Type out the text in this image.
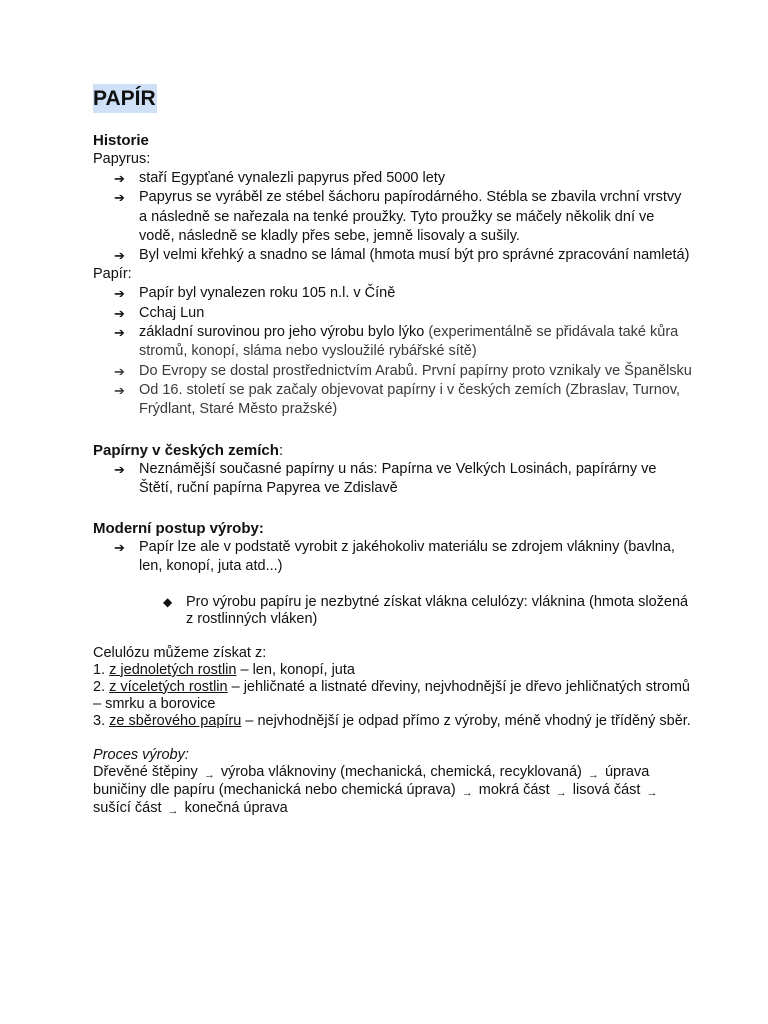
PAPÍR
Historie

Papyrus:

➔ staří Egypťané vynalezli papyrus před 5000 lety
➔ Papyrus se vyráběl ze stébel šáchoru papírodárného. Stébla se zbavila vrchní vrstvy a následně se nařezala na tenké proužky. Tyto proužky se máčely několik dní ve vodě, následně se kladly přes sebe, jemně lisovaly a sušily.
➔ Byl velmi křehký a snadno se lámal (hmota musí být pro správné zpracování namletá)

Papír:

➔ Papír byl vynalezen roku 105 n.l. v Číně
➔ Cchaj Lun
➔ základní surovinou pro jeho výrobu bylo lýko (experimentálně se přidávala také kůra stromů, konopí, sláma nebo vysloužilé rybářské sítě)
➔ Do Evropy se dostal prostřednictvím Arabů. První papírny proto vznikaly ve Španělsku
➔ Od 16. století se pak začaly objevovat papírny i v českých zemích (Zbraslav, Turnov, Frýdlant, Staré Město pražské)
Papírny v českých zemích:
➔ Neznámější současné papírny u nás: Papírna ve Velkých Losinách, papírárny ve Štětí, ruční papírna Papyrea ve Zdislavě
Moderní postup výroby:
➔ Papír lze ale v podstatě vyrobit z jakéhokoliv materiálu se zdrojem vlákniny (bavlna, len, konopí, juta atd...)
◆ Pro výrobu papíru je nezbytné získat vlákna celulózy: vláknina (hmota složená z rostlinných vláken)

Celulózu můžeme získat z:

1. z jednoletých rostlin – len, konopí, juta

2. z víceletých rostlin – jehličnaté a listnaté dřeviny, nejvhodnější je dřevo jehličnatých stromů – smrku a borovice

3. ze sběrového papíru – nejvhodnější je odpad přímo z výroby, méně vhodný je tříděný sběr.

Proces výroby:

Dřevěné štěpiny → výroba vláknoviny (mechanická, chemická, recyklovaná) → úprava buničiny dle papíru (mechanická nebo chemická úprava) → mokrá část → lisová část → sušící část → konečná úprava
